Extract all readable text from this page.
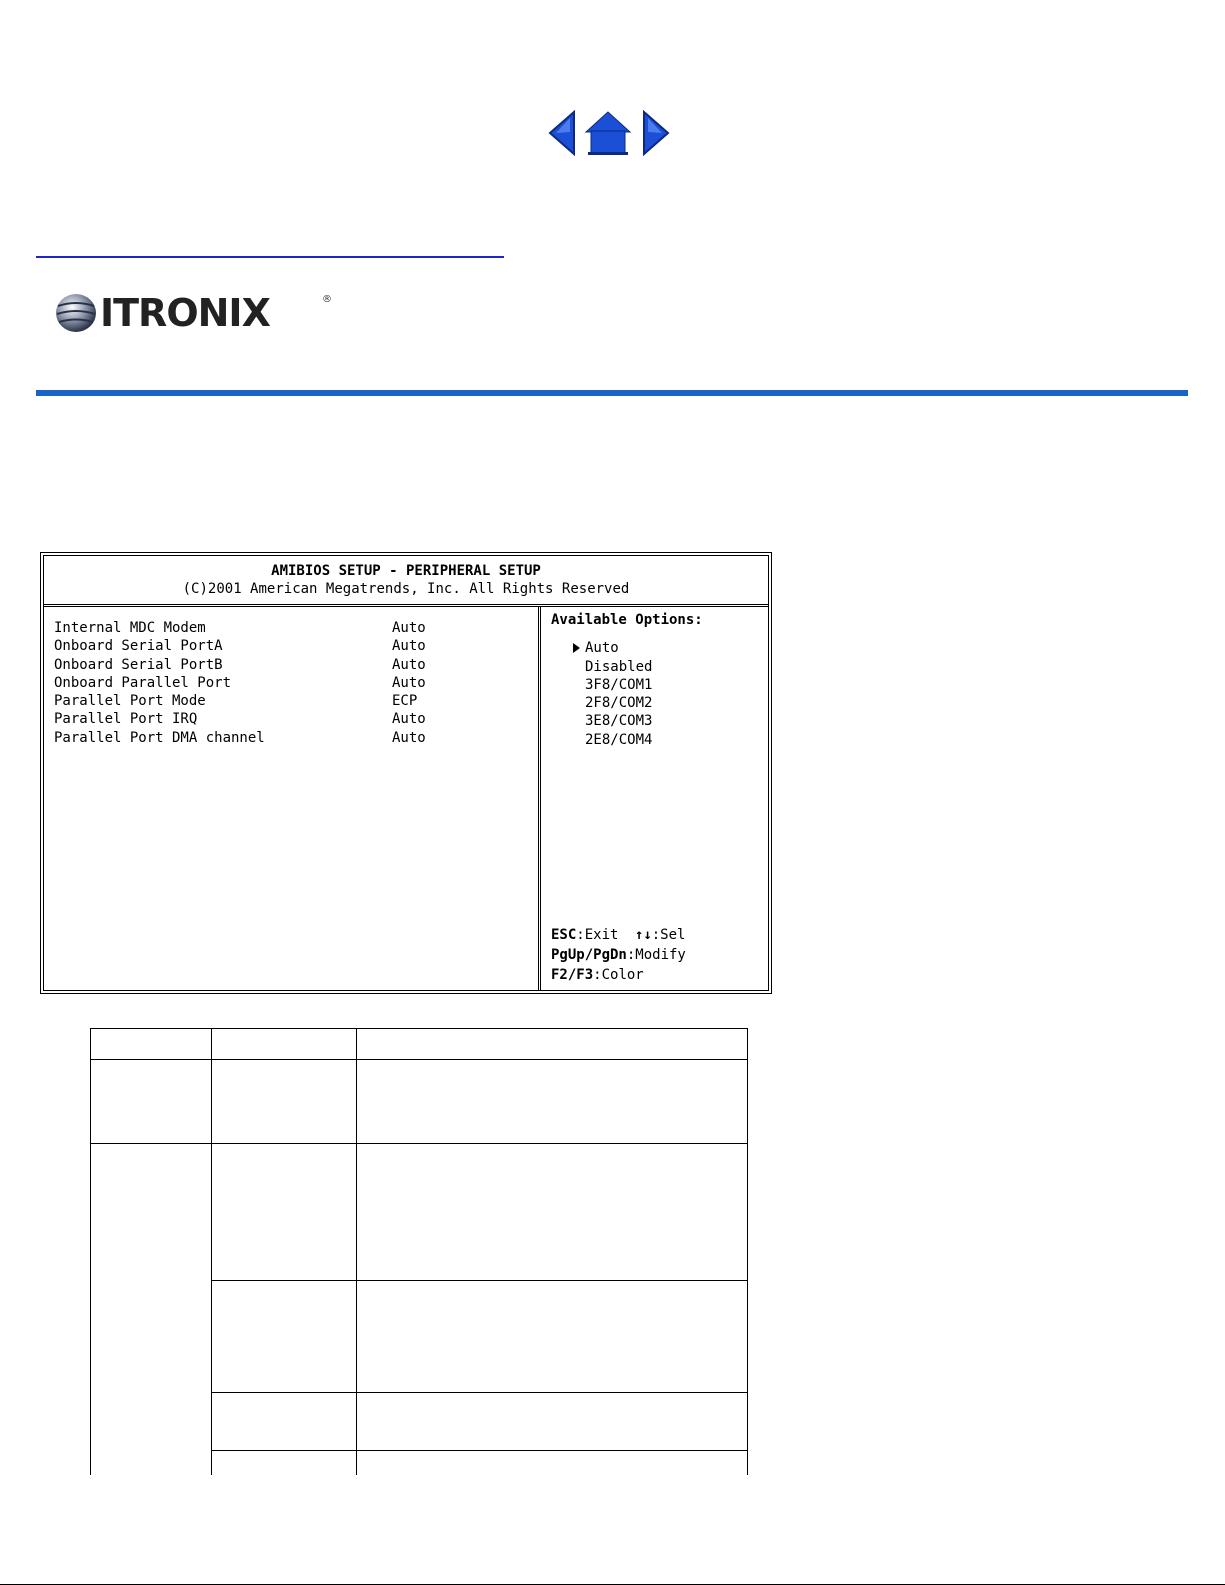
ITRONIX	®
AMIBIOS SETUP - PERIPHERAL SETUP
(C)2001 American Megatrends, Inc. All Rights Reserved
Internal MDC Modem	Auto
Onboard Serial PortA	Auto
Onboard Serial PortB	Auto
Onboard Parallel Port	Auto
Parallel Port Mode	ECP
Parallel Port IRQ	Auto
Parallel Port DMA channel	Auto
Available Options:
Auto
Disabled
3F8/COM1
2F8/COM2
3E8/COM3
2E8/COM4
ESC:Exit ↑↓:Sel
PgUp/PgDn:Modify
F2/F3:Color
